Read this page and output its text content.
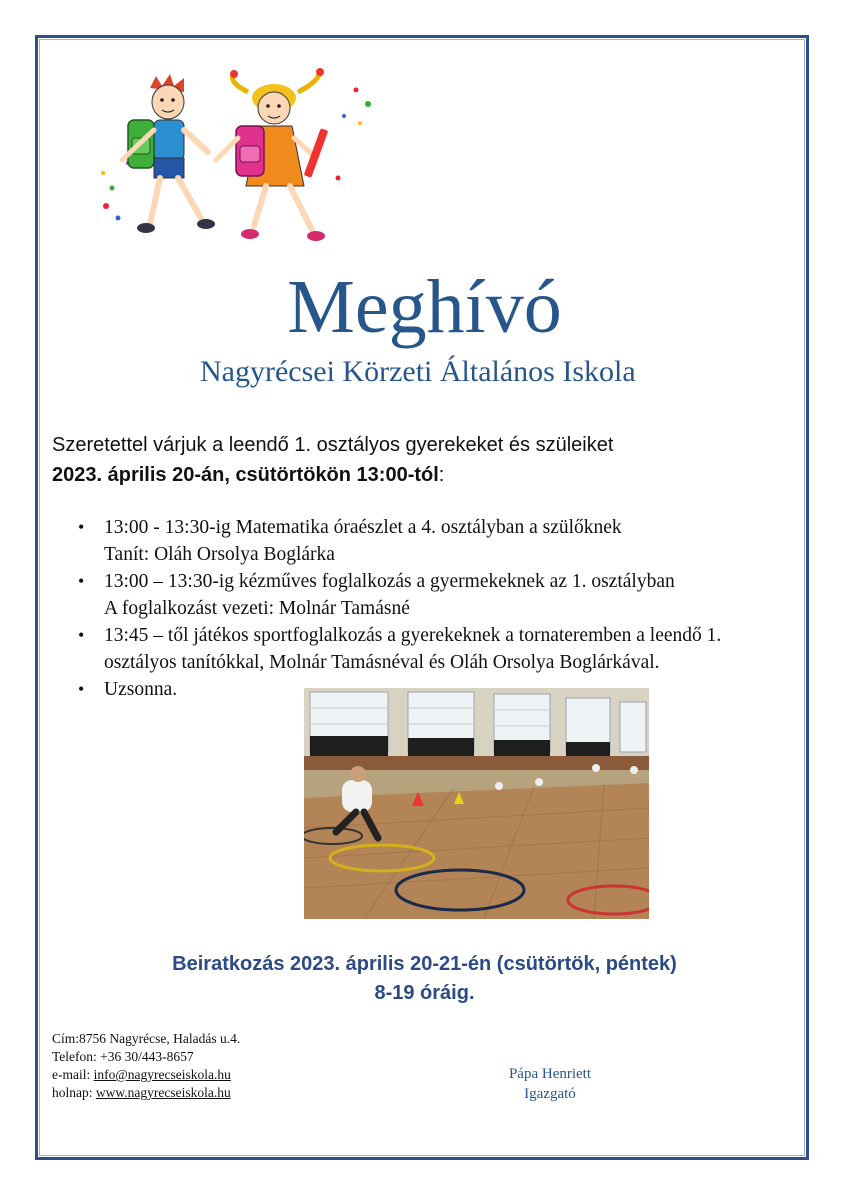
Meghívó
Nagyrécsei Körzeti Általános Iskola
Szeretettel várjuk a leendő 1. osztályos gyerekeket és szüleiket
2023. április 20-án, csütörtökön 13:00-tól:
• 13:00 - 13:30-ig Matematika óraészlet a 4. osztályban a szülőknek
Tanít: Oláh Orsolya Boglárka
• 13:00 – 13:30-ig kézműves foglalkozás a gyermekeknek az 1. osztályban
A foglalkozást vezeti: Molnár Tamásné
• 13:45 – től játékos sportfoglalkozás a gyerekeknek a tornateremben a leendő 1. osztályos tanítókkal, Molnár Tamásnéval és Oláh Orsolya Boglárkával.
• Uzsonna.
Beiratkozás 2023. április 20-21-én (csütörtök, péntek)
8-19 óráig.
Cím:8756 Nagyrécse, Haladás u.4.
Telefon: +36 30/443-8657
e-mail: info@nagyrecseiskola.hu
holnap: www.nagyrecseiskola.hu
Pápa Henriett
Igazgató
